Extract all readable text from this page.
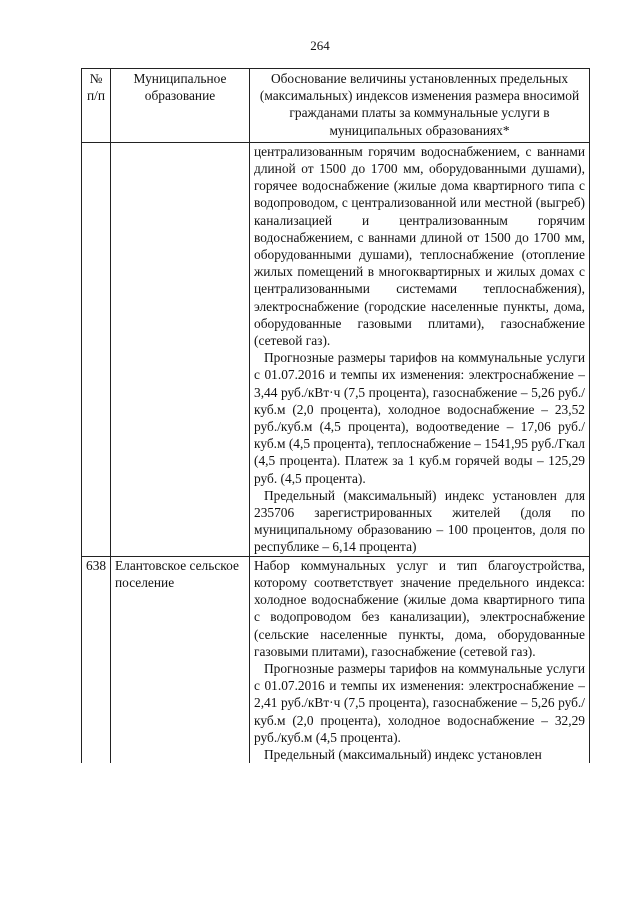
264
№ п/п	Муниципальное образование	Обоснование величины установленных предельных (максимальных) индексов изменения размера вносимой гражданами платы за коммунальные услуги в муниципальных образованиях*

		централизованным горячим водоснабжением, с ваннами длиной от 1500 до 1700 мм, оборудованными душами), горячее водоснабжение (жилые дома квартирного типа с водопроводом, с централизованной или местной (выгреб) канализацией и централизованным горячим водоснабжением, с ваннами длиной от 1500 до 1700 мм, оборудованными душами), теплоснабжение (отопление жилых помещений в многоквартирных и жилых домах с централизованными системами теплоснабжения), электроснабжение (городские населенные пункты, дома, оборудованные газовыми плитами), газоснабжение (сетевой газ).

Прогнозные размеры тарифов на коммунальные услуги с 01.07.2016 и темпы их изменения: электроснабжение – 3,44 руб./кВт·ч (7,5 процента), газоснабжение – 5,26 руб./куб.м (2,0 процента), холодное водоснабжение – 23,52 руб./куб.м (4,5 процента), водоотведение – 17,06 руб./куб.м (4,5 процента), теплоснабжение – 1541,95 руб./Гкал (4,5 процента). Платеж за 1 куб.м горячей воды – 125,29 руб. (4,5 процента).

Предельный (максимальный) индекс установлен для 235706 зарегистрированных жителей (доля по муниципальному образованию – 100 процентов, доля по республике – 6,14 процента)

638	Елантовское сельское поселение	Набор коммунальных услуг и тип благоустройства, которому соответствует значение предельного индекса: холодное водоснабжение (жилые дома квартирного типа с водопроводом без канализации), электроснабжение (сельские населенные пункты, дома, оборудованные газовыми плитами), газоснабжение (сетевой газ).

Прогнозные размеры тарифов на коммунальные услуги с 01.07.2016 и темпы их изменения: электроснабжение – 2,41 руб./кВт·ч (7,5 процента), газоснабжение – 5,26 руб./куб.м (2,0 процента), холодное водоснабжение – 32,29 руб./куб.м (4,5 процента).

Предельный (максимальный) индекс установлен
